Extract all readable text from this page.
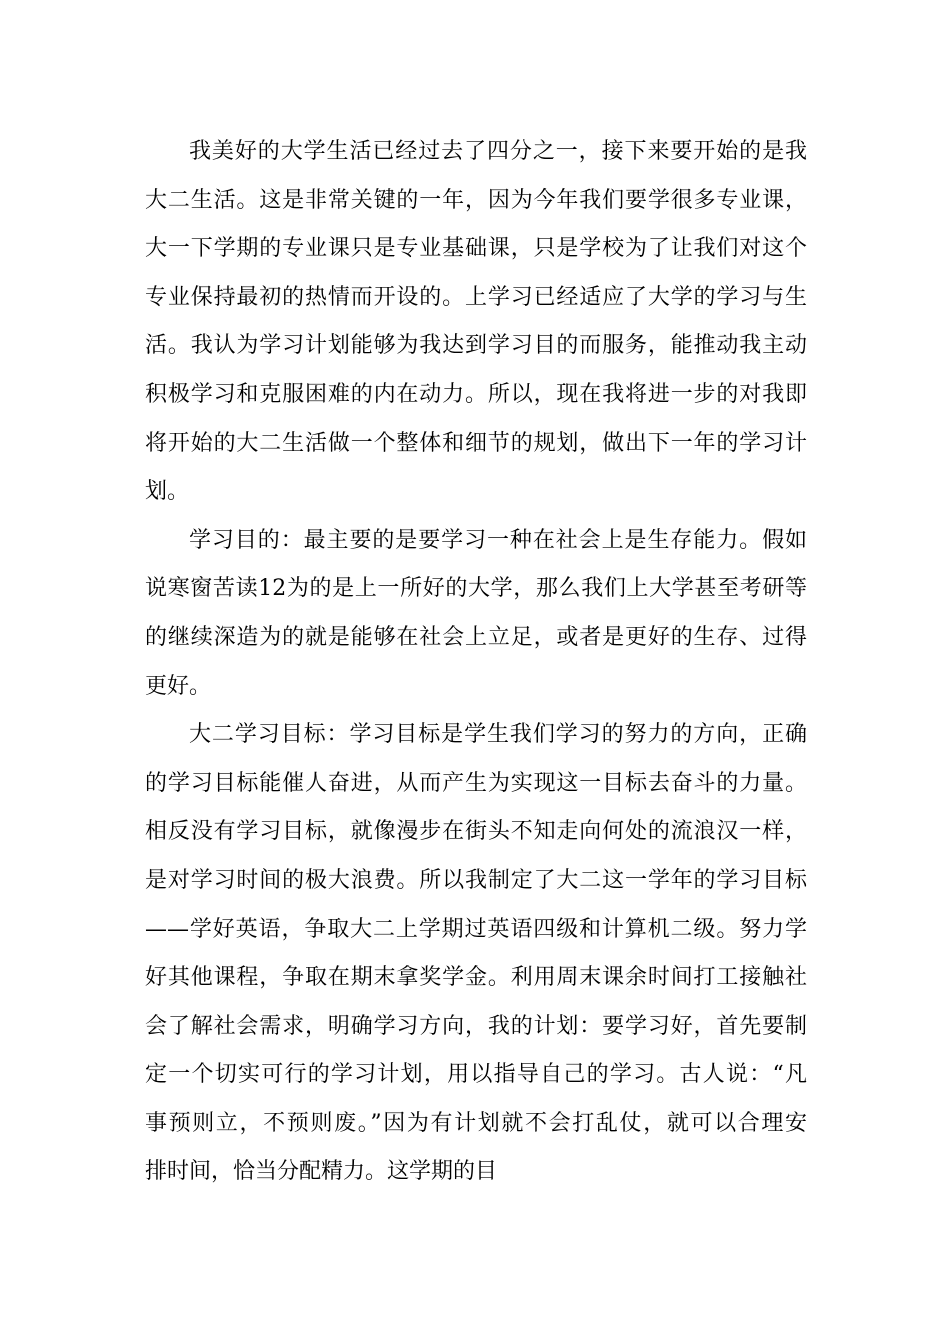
我美好的大学生活已经过去了四分之一，接下来要开始的是我
大二生活。这是非常关键的一年，因为今年我们要学很多专业课，
大一下学期的专业课只是专业基础课，只是学校为了让我们对这个
专业保持最初的热情而开设的。上学习已经适应了大学的学习与生
活。我认为学习计划能够为我达到学习目的而服务，能推动我主动
积极学习和克服困难的内在动力。所以，现在我将进一步的对我即
将开始的大二生活做一个整体和细节的规划，做出下一年的学习计
划。

学习目的：最主要的是要学习一种在社会上是生存能力。假如
说寒窗苦读12为的是上一所好的大学，那么我们上大学甚至考研等
的继续深造为的就是能够在社会上立足，或者是更好的生存、过得
更好。

大二学习目标：学习目标是学生我们学习的努力的方向，正确
的学习目标能催人奋进，从而产生为实现这一目标去奋斗的力量。
相反没有学习目标，就像漫步在街头不知走向何处的流浪汉一样，
是对学习时间的极大浪费。所以我制定了大二这一学年的学习目标
——学好英语，争取大二上学期过英语四级和计算机二级。努力学
好其他课程，争取在期末拿奖学金。利用周末课余时间打工接触社
会了解社会需求，明确学习方向，我的计划：要学习好，首先要制
定一个切实可行的学习计划，用以指导自己的学习。古人说：“凡
事预则立，不预则废。”因为有计划就不会打乱仗，就可以合理安
排时间，恰当分配精力。这学期的目
